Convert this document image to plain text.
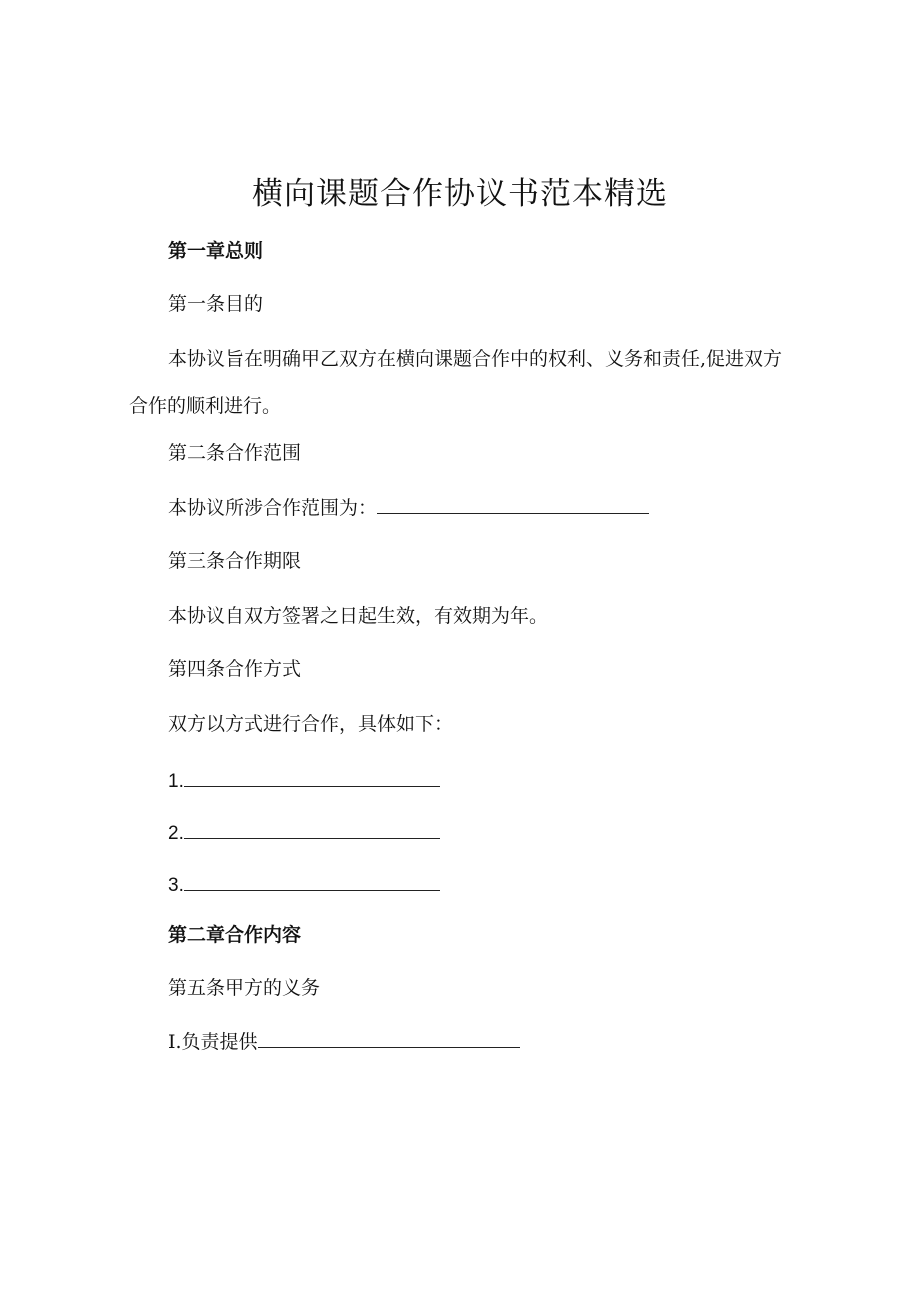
横向课题合作协议书范本精选
第一章总则
第一条目的
本协议旨在明确甲乙双方在横向课题合作中的权利、义务和责任,促进双方合作的顺利进行。
第二条合作范围
本协议所涉合作范围为：
第三条合作期限
本协议自双方签署之日起生效，有效期为年。
第四条合作方式
双方以方式进行合作，具体如下：
1.
2.
3.
第二章合作内容
第五条甲方的义务
I.负责提供
